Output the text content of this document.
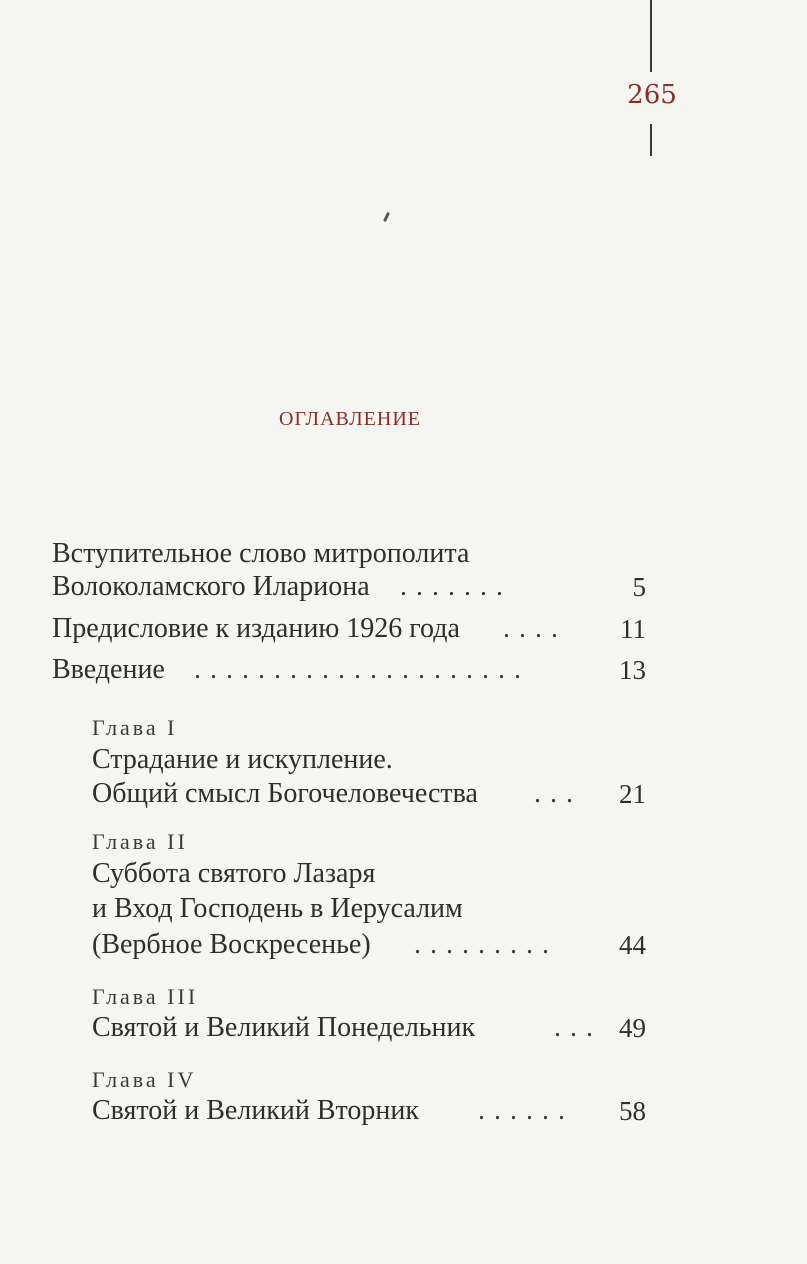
265
ОГЛАВЛЕНИЕ
Вступительное слово митрополита
Волоколамского Илариона .......	5
Предисловие к изданию 1926 года ....	11
Введение .....................	13
Глава I
Страдание и искупление.
Общий смысл Богочеловечества ...	21
Глава II
Суббота святого Лазаря
и Вход Господень в Иерусалим
(Вербное Воскресенье) .........	44
Глава III
Святой и Великий Понедельник	... 49
Глава IV
Святой и Великий Вторник ......	58
